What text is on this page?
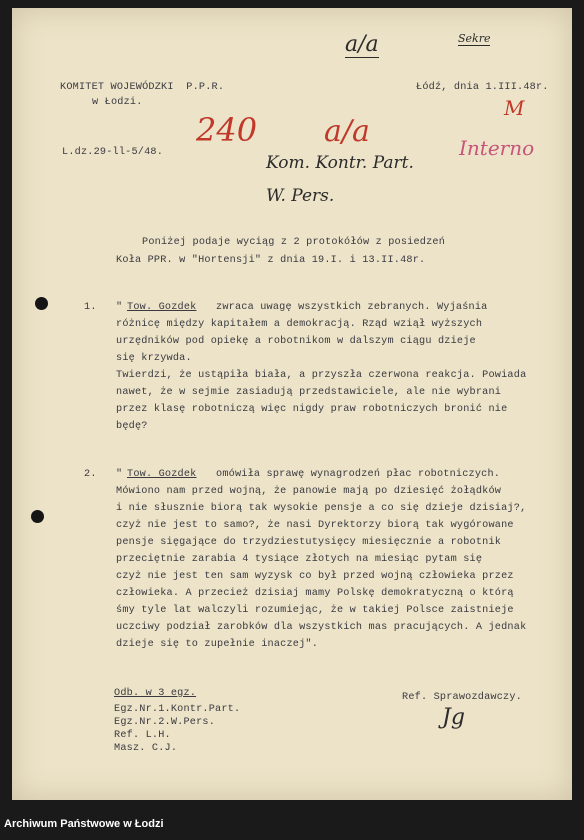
a/a	Sekre
240 a/a
M
Interno
Kom. Kontr. Part.
W. Pers.
Jg
KOMITET WOJEWÓDZKI  P.P.R.
w Łodzi.
Łódź, dnia 1.III.48r.
L.dz.29-ll-5/48.
Poniżej podaje wyciąg z 2 protokółów z posiedzeń
Koła PPR. w "Hortensji" z dnia 19.I. i 13.II.48r.
1. " Tow. Gozdek zwraca uwagę wszystkich zebranych. Wyjaśnia
różnicę między kapitałem a demokracją. Rząd wziął wyższych
urzędników pod opiekę a robotnikom w dalszym ciągu dzieje
się krzywda.
Twierdzi, że ustąpiła biała, a przyszła czerwona reakcja. Powiada
nawet, że w sejmie zasiadują przedstawiciele, ale nie wybrani
przez klasę robotniczą więc nigdy praw robotniczych bronić nie
będę?
2. " Tow. Gozdek omówiła sprawę wynagrodzeń płac robotniczych.
Mówiono nam przed wojną, że panowie mają po dziesięć żołądków
i nie słusznie biorą tak wysokie pensje a co się dzieje dzisiaj?,
czyż nie jest to samo?, że nasi Dyrektorzy biorą tak wygórowane
pensje sięgające do trzydziestutysięcy miesięcznie a robotnik
przeciętnie zarabia 4 tysiące złotych na miesiąc pytam się
czyż nie jest ten sam wyzysk co był przed wojną człowieka przez
człowieka. A przecież dzisiaj mamy Polskę demokratyczną o którą
śmy tyle lat walczyli rozumiejąc, że w takiej Polsce zaistnieje
uczciwy podział zarobków dla wszystkich mas pracujących. A jednak
dzieje się to zupełnie inaczej".
Odb. w 3 egz.
Egz.Nr.1.Kontr.Part.
Egz.Nr.2.W.Pers.
Ref. L.H.
Masz. C.J.
Ref. Sprawozdawczy.
Archiwum Państwowe w Łodzi
